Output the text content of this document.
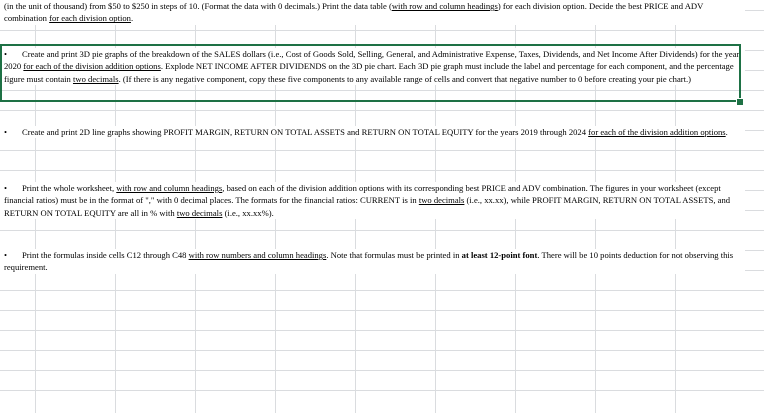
(in the unit of thousand) from $50 to $250 in steps of 10. (Format the data with 0 decimals.) Print the data table (with row and column headings) for each division option. Decide the best PRICE and ADV combination for each division option.
• Create and print 3D pie graphs of the breakdown of the SALES dollars (i.e., Cost of Goods Sold, Selling, General, and Administrative Expense, Taxes, Dividends, and Net Income After Dividends) for the year 2020 for each of the division addition options. Explode NET INCOME AFTER DIVIDENDS on the 3D pie chart. Each 3D pie graph must include the label and percentage for each component, and the percentage figure must contain two decimals. (If there is any negative component, copy these five components to any available range of cells and convert that negative number to 0 before creating your pie chart.)
• Create and print 2D line graphs showing PROFIT MARGIN, RETURN ON TOTAL ASSETS and RETURN ON TOTAL EQUITY for the years 2019 through 2024 for each of the division addition options.
• Print the whole worksheet, with row and column headings, based on each of the division addition options with its corresponding best PRICE and ADV combination. The figures in your worksheet (except financial ratios) must be in the format of "," with 0 decimal places. The formats for the financial ratios: CURRENT is in two decimals (i.e., xx.xx), while PROFIT MARGIN, RETURN ON TOTAL ASSETS, and RETURN ON TOTAL EQUITY are all in % with two decimals (i.e., xx.xx%).
• Print the formulas inside cells C12 through C48 with row numbers and column headings. Note that formulas must be printed in at least 12-point font. There will be 10 points deduction for not observing this requirement.
